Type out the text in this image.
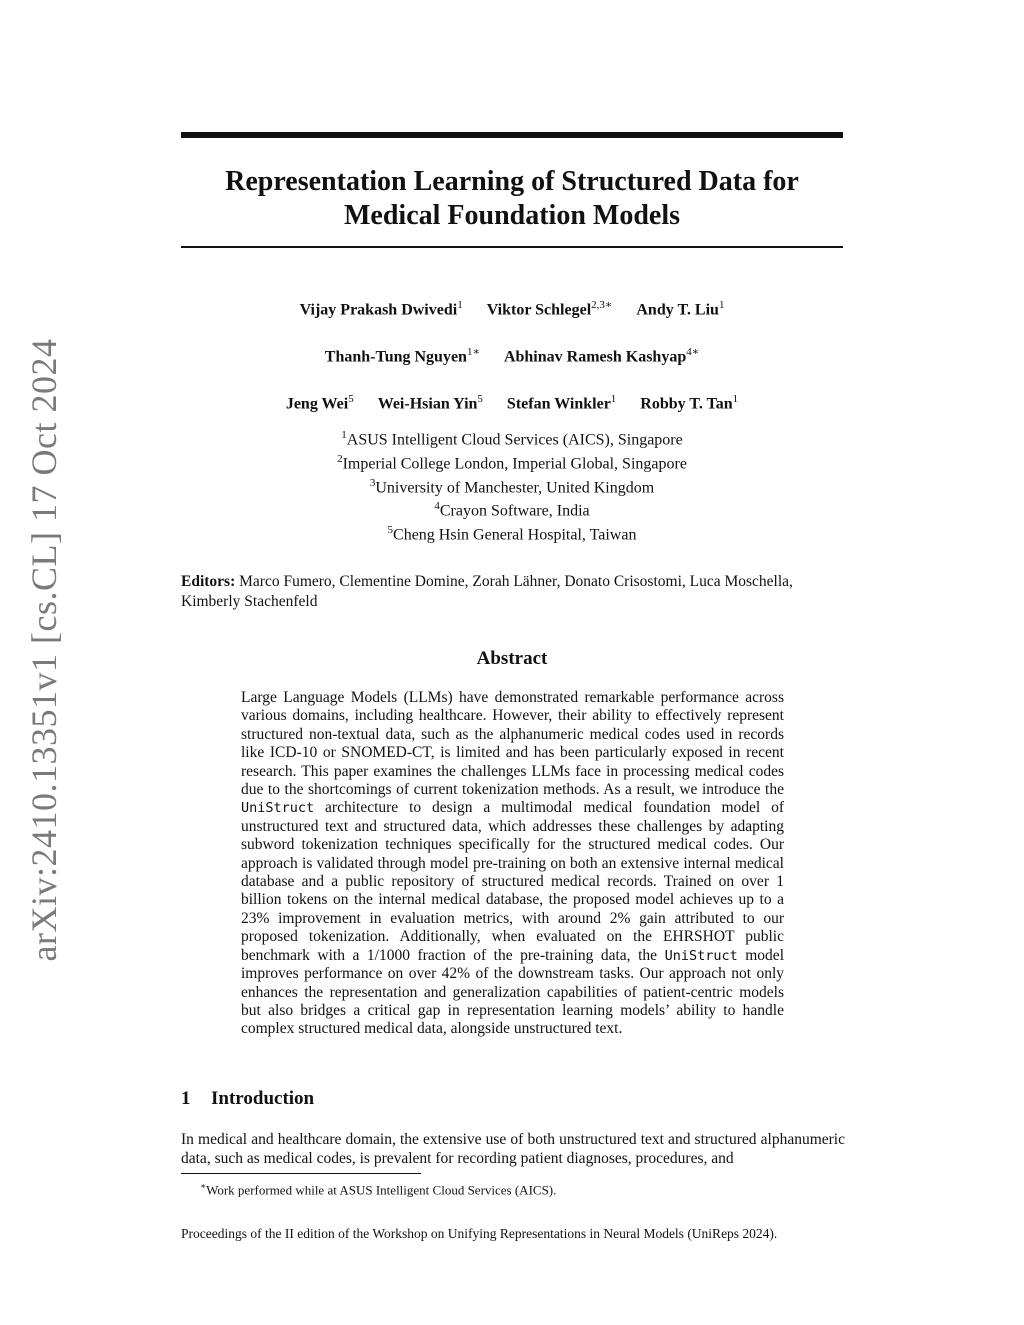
arXiv:2410.13351v1 [cs.CL] 17 Oct 2024
Representation Learning of Structured Data for
Medical Foundation Models
Vijay Prakash Dwivedi$^1$ Viktor Schlegel$^{2,3∗}$ Andy T. Liu$^1$
Thanh-Tung Nguyen$^{1∗}$ Abhinav Ramesh Kashyap$^{4∗}$
Jeng Wei$^5$ Wei-Hsian Yin$^5$ Stefan Winkler$^1$ Robby T. Tan$^1$
$^1$ASUS Intelligent Cloud Services (AICS), Singapore
$^2$Imperial College London, Imperial Global, Singapore
$^3$University of Manchester, United Kingdom
$^4$Crayon Software, India
$^5$Cheng Hsin General Hospital, Taiwan
Editors: Marco Fumero, Clementine Domine, Zorah Lähner, Donato Crisostomi, Luca Moschella, Kimberly Stachenfeld
Abstract
Large Language Models (LLMs) have demonstrated remarkable performance across various domains, including healthcare. However, their ability to effectively represent structured non-textual data, such as the alphanumeric medical codes used in records like ICD-10 or SNOMED-CT, is limited and has been particularly exposed in recent research. This paper examines the challenges LLMs face in processing medical codes due to the shortcomings of current tokenization methods. As a result, we introduce the UniStruct architecture to design a multimodal medical foundation model of unstructured text and structured data, which addresses these challenges by adapting subword tokenization techniques specifically for the structured medical codes. Our approach is validated through model pre-training on both an extensive internal medical database and a public repository of structured medical records. Trained on over 1 billion tokens on the internal medical database, the proposed model achieves up to a 23% improvement in evaluation metrics, with around 2% gain attributed to our proposed tokenization. Additionally, when evaluated on the EHRSHOT public benchmark with a 1/1000 fraction of the pre-training data, the UniStruct model improves performance on over 42% of the downstream tasks. Our approach not only enhances the representation and generalization capabilities of patient-centric models but also bridges a critical gap in representation learning models’ ability to handle complex structured medical data, alongside unstructured text.
1 Introduction
In medical and healthcare domain, the extensive use of both unstructured text and structured alphanumeric data, such as medical codes, is prevalent for recording patient diagnoses, procedures, and
∗Work performed while at ASUS Intelligent Cloud Services (AICS).
Proceedings of the II edition of the Workshop on Unifying Representations in Neural Models (UniReps 2024).
